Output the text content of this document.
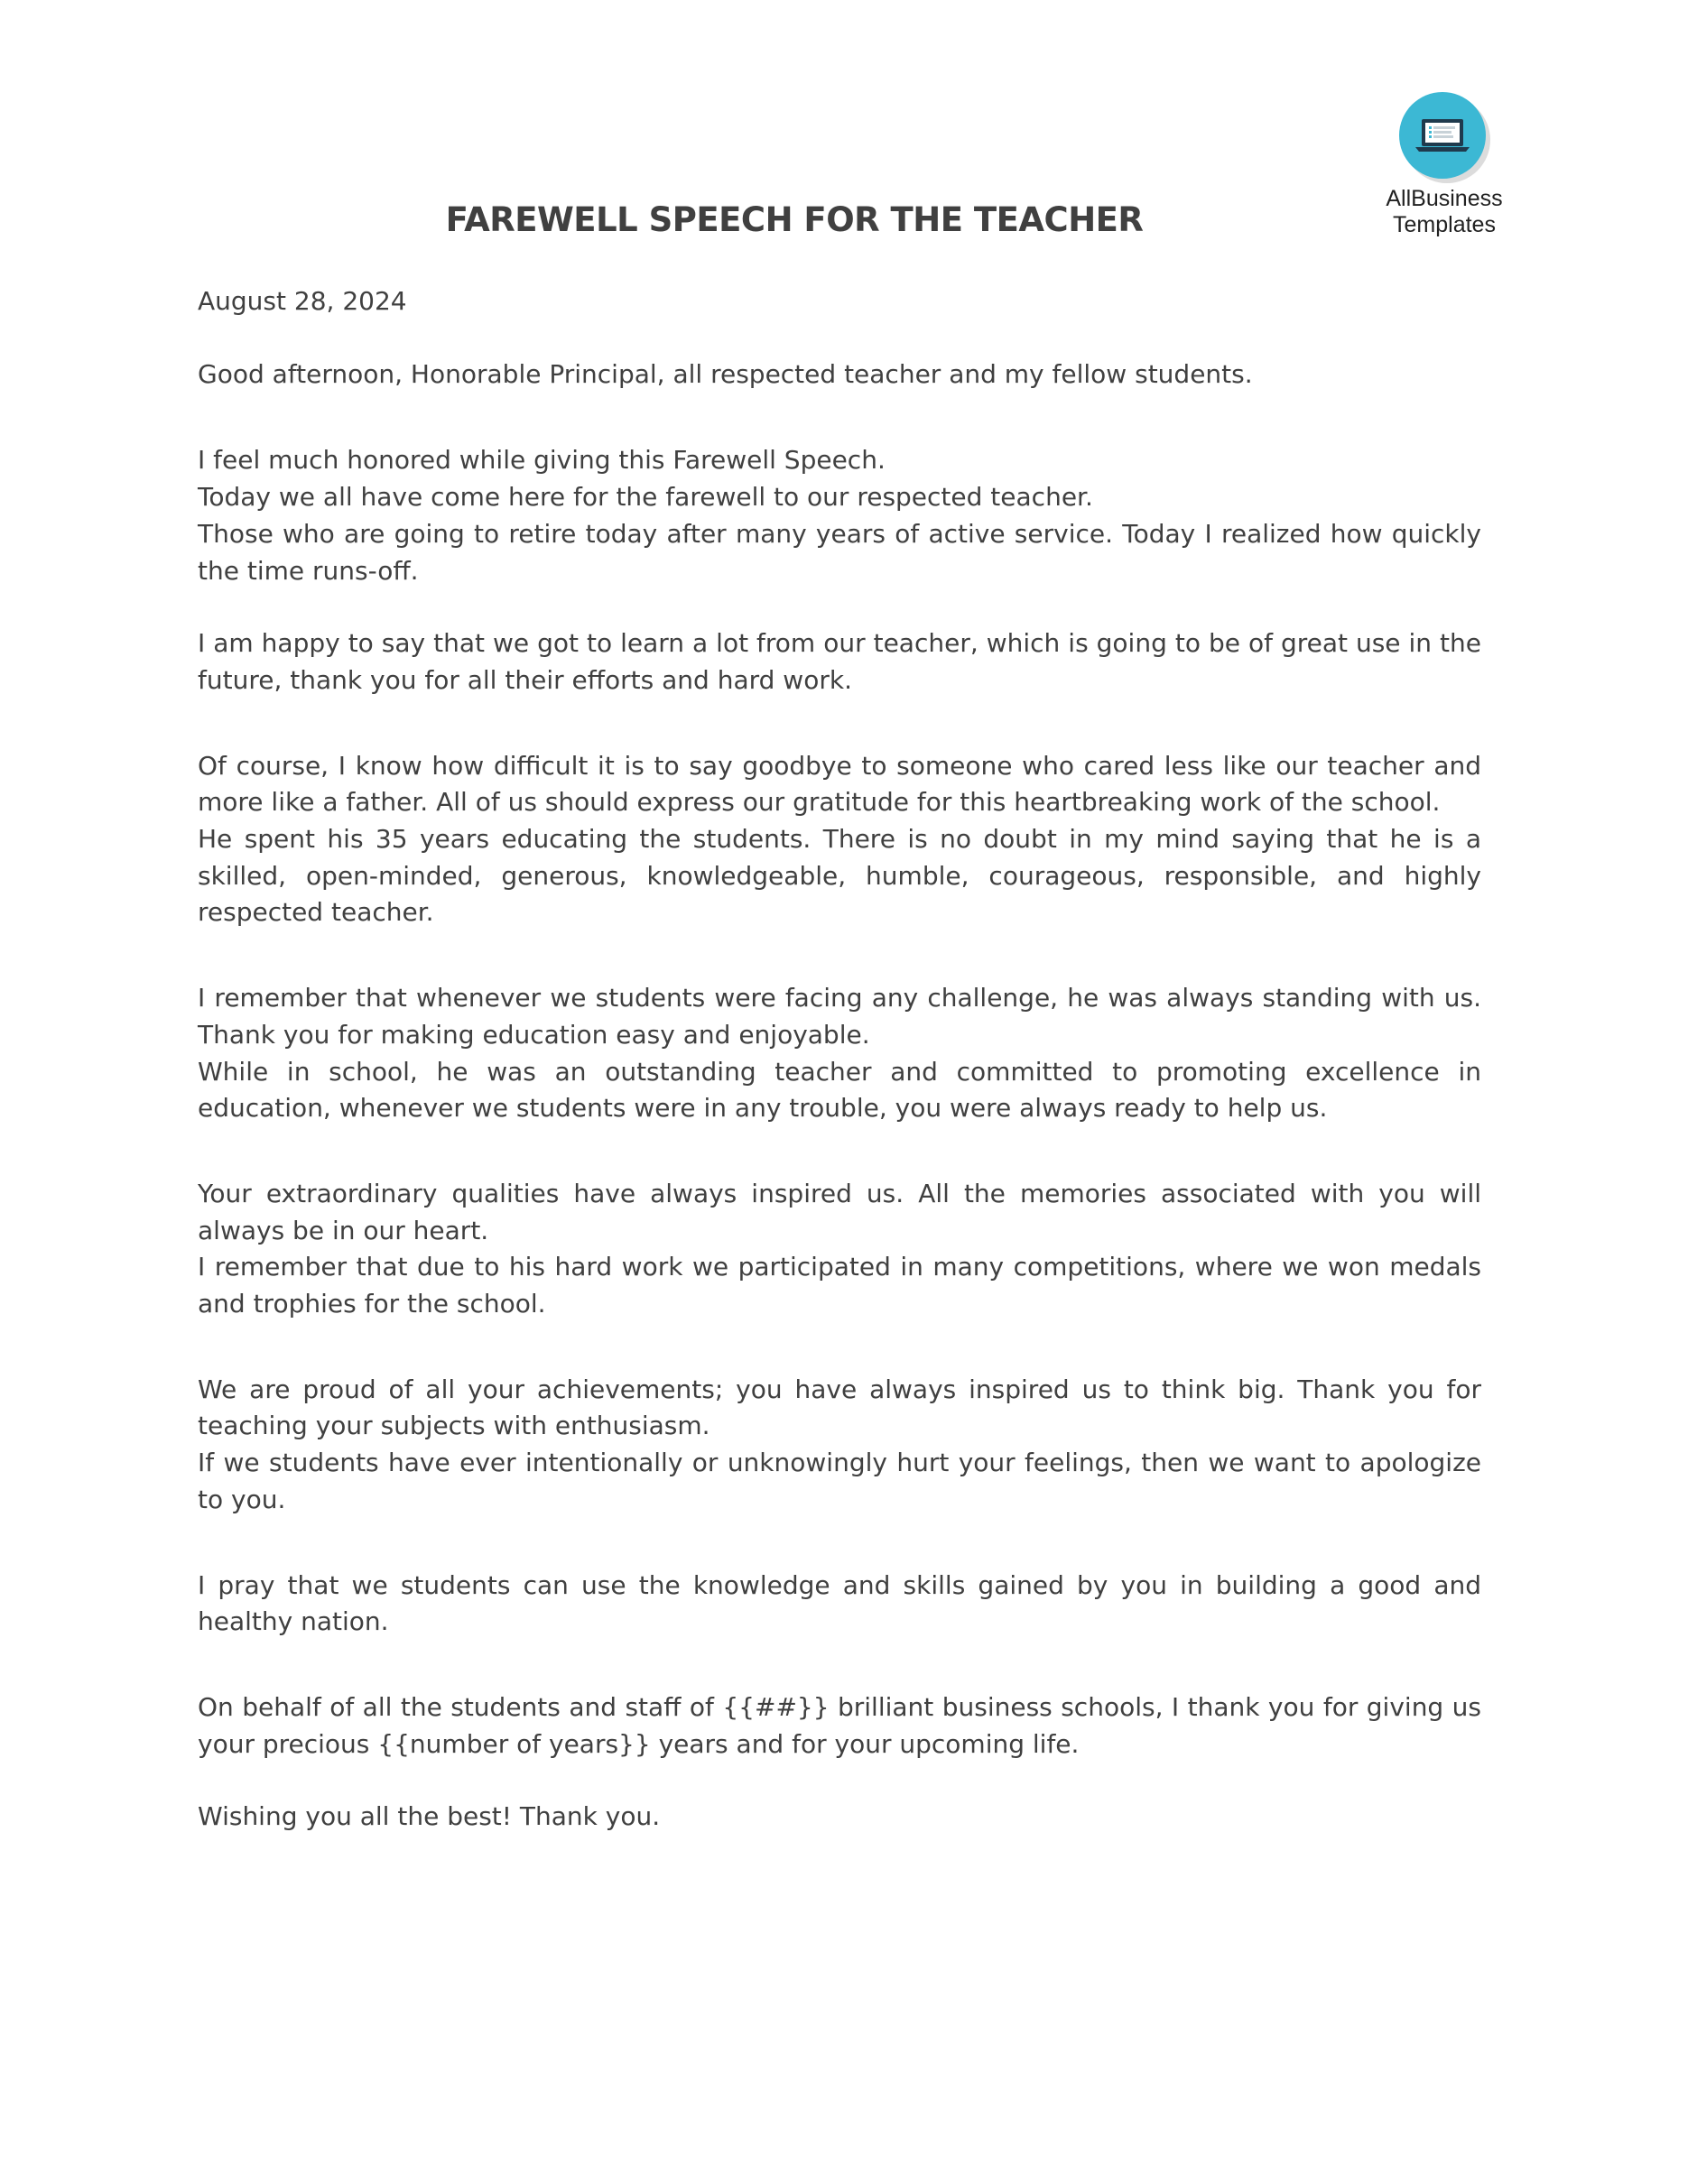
AllBusiness
Templates
FAREWELL SPEECH FOR THE TEACHER

August 28, 2024

Good afternoon, Honorable Principal, all respected teacher and my fellow students.

I feel much honored while giving this Farewell Speech.
Today we all have come here for the farewell to our respected teacher.
Those who are going to retire today after many years of active service. Today I realized how quickly the time runs-off.
I am happy to say that we got to learn a lot from our teacher, which is going to be of great use in the future, thank you for all their efforts and hard work.
Of course, I know how difficult it is to say goodbye to someone who cared less like our teacher and more like a father. All of us should express our gratitude for this heartbreaking work of the school.
He spent his 35 years educating the students. There is no doubt in my mind saying that he is a skilled, open-minded, generous, knowledgeable, humble, courageous, responsible, and highly respected teacher.
I remember that whenever we students were facing any challenge, he was always standing with us. Thank you for making education easy and enjoyable.
While in school, he was an outstanding teacher and committed to promoting excellence in education, whenever we students were in any trouble, you were always ready to help us.
Your extraordinary qualities have always inspired us. All the memories associated with you will always be in our heart.
I remember that due to his hard work we participated in many competitions, where we won medals and trophies for the school.
We are proud of all your achievements; you have always inspired us to think big. Thank you for teaching your subjects with enthusiasm.
If we students have ever intentionally or unknowingly hurt your feelings, then we want to apologize to you.
I pray that we students can use the knowledge and skills gained by you in building a good and healthy nation.
On behalf of all the students and staff of {{##}} brilliant business schools, I thank you for giving us your precious {{number of years}} years and for your upcoming life.

Wishing you all the best! Thank you.
